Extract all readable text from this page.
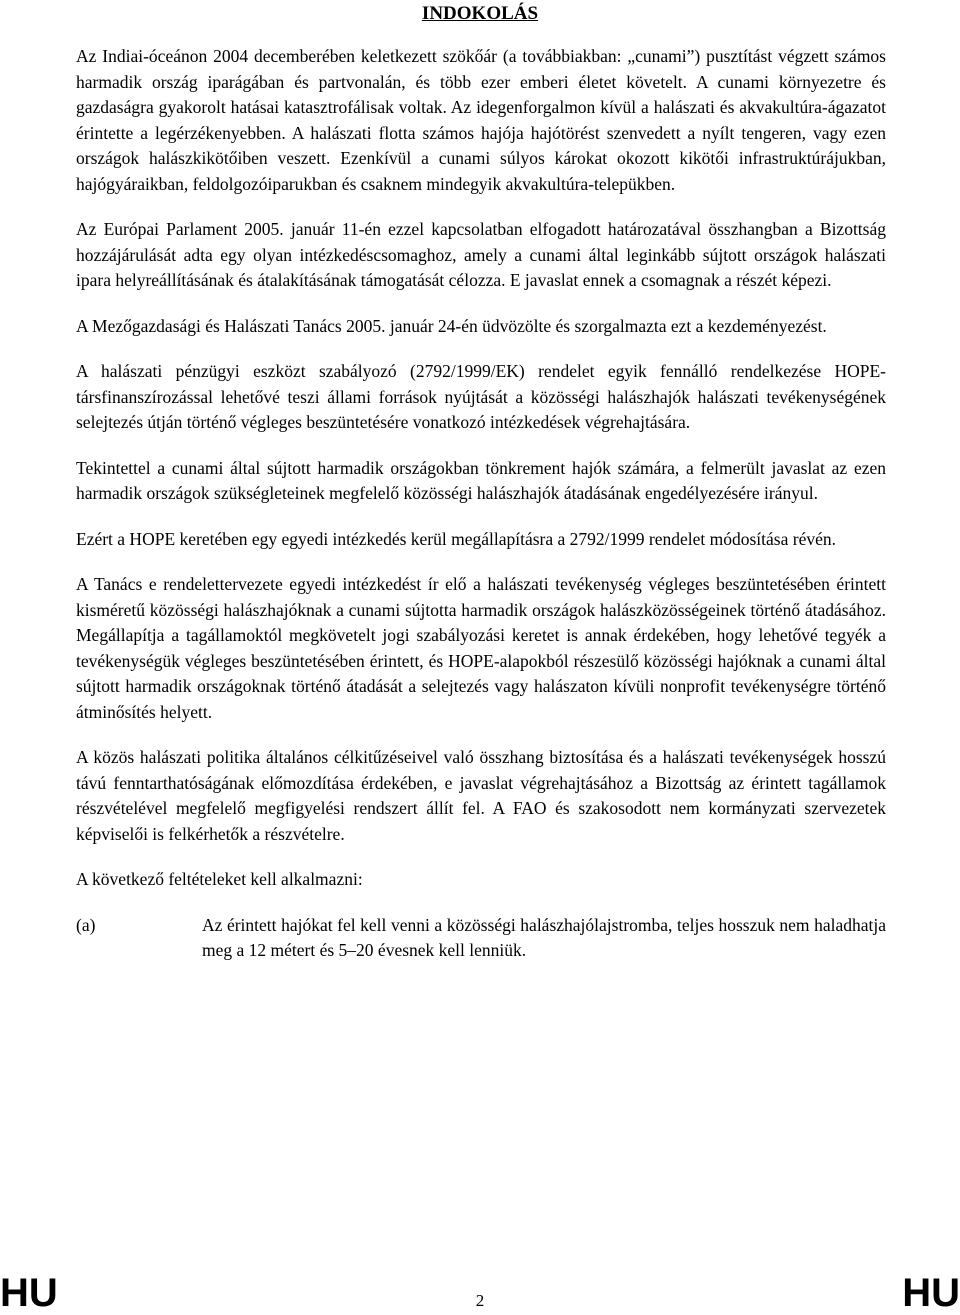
INDOKOLÁS

Az Indiai-óceánon 2004 decemberében keletkezett szökőár (a továbbiakban: „cunami”) pusztítást végzett számos harmadik ország iparágában és partvonalán, és több ezer emberi életet követelt. A cunami környezetre és gazdaságra gyakorolt hatásai katasztrofálisak voltak. Az idegenforgalmon kívül a halászati és akvakultúra-ágazatot érintette a legérzékenyebben. A halászati flotta számos hajója hajótörést szenvedett a nyílt tengeren, vagy ezen országok halászkikötőiben veszett. Ezenkívül a cunami súlyos károkat okozott kikötői infrastruktúrájukban, hajógyáraikban, feldolgozóiparukban és csaknem mindegyik akvakultúra-telepükben.

Az Európai Parlament 2005. január 11-én ezzel kapcsolatban elfogadott határozatával összhangban a Bizottság hozzájárulását adta egy olyan intézkedéscsomaghoz, amely a cunami által leginkább sújtott országok halászati ipara helyreállításának és átalakításának támogatását célozza. E javaslat ennek a csomagnak a részét képezi.

A Mezőgazdasági és Halászati Tanács 2005. január 24-én üdvözölte és szorgalmazta ezt a kezdeményezést.

A halászati pénzügyi eszközt szabályozó (2792/1999/EK) rendelet egyik fennálló rendelkezése HOPE-társfinanszírozással lehetővé teszi állami források nyújtását a közösségi halászhajók halászati tevékenységének selejtezés útján történő végleges beszüntetésére vonatkozó intézkedések végrehajtására.

Tekintettel a cunami által sújtott harmadik országokban tönkrement hajók számára, a felmerült javaslat az ezen harmadik országok szükségleteinek megfelelő közösségi halászhajók átadásának engedélyezésére irányul.

Ezért a HOPE keretében egy egyedi intézkedés kerül megállapításra a 2792/1999 rendelet módosítása révén.

A Tanács e rendelettervezete egyedi intézkedést ír elő a halászati tevékenység végleges beszüntetésében érintett kisméretű közösségi halászhajóknak a cunami sújtotta harmadik országok halászközösségeinek történő átadásához. Megállapítja a tagállamoktól megkövetelt jogi szabályozási keretet is annak érdekében, hogy lehetővé tegyék a tevékenységük végleges beszüntetésében érintett, és HOPE-alapokból részesülő közösségi hajóknak a cunami által sújtott harmadik országoknak történő átadását a selejtezés vagy halászaton kívüli nonprofit tevékenységre történő átminősítés helyett.

A közös halászati politika általános célkitűzéseivel való összhang biztosítása és a halászati tevékenységek hosszú távú fenntarthatóságának előmozdítása érdekében, e javaslat végrehajtásához a Bizottság az érintett tagállamok részvételével megfelelő megfigyelési rendszert állít fel. A FAO és szakosodott nem kormányzati szervezetek képviselői is felkérhetők a részvételre.

A következő feltételeket kell alkalmazni:

(a)	Az érintett hajókat fel kell venni a közösségi halászhajólajstromba, teljes hosszuk nem haladhatja meg a 12 métert és 5–20 évesnek kell lenniük.
HU	2	HU
